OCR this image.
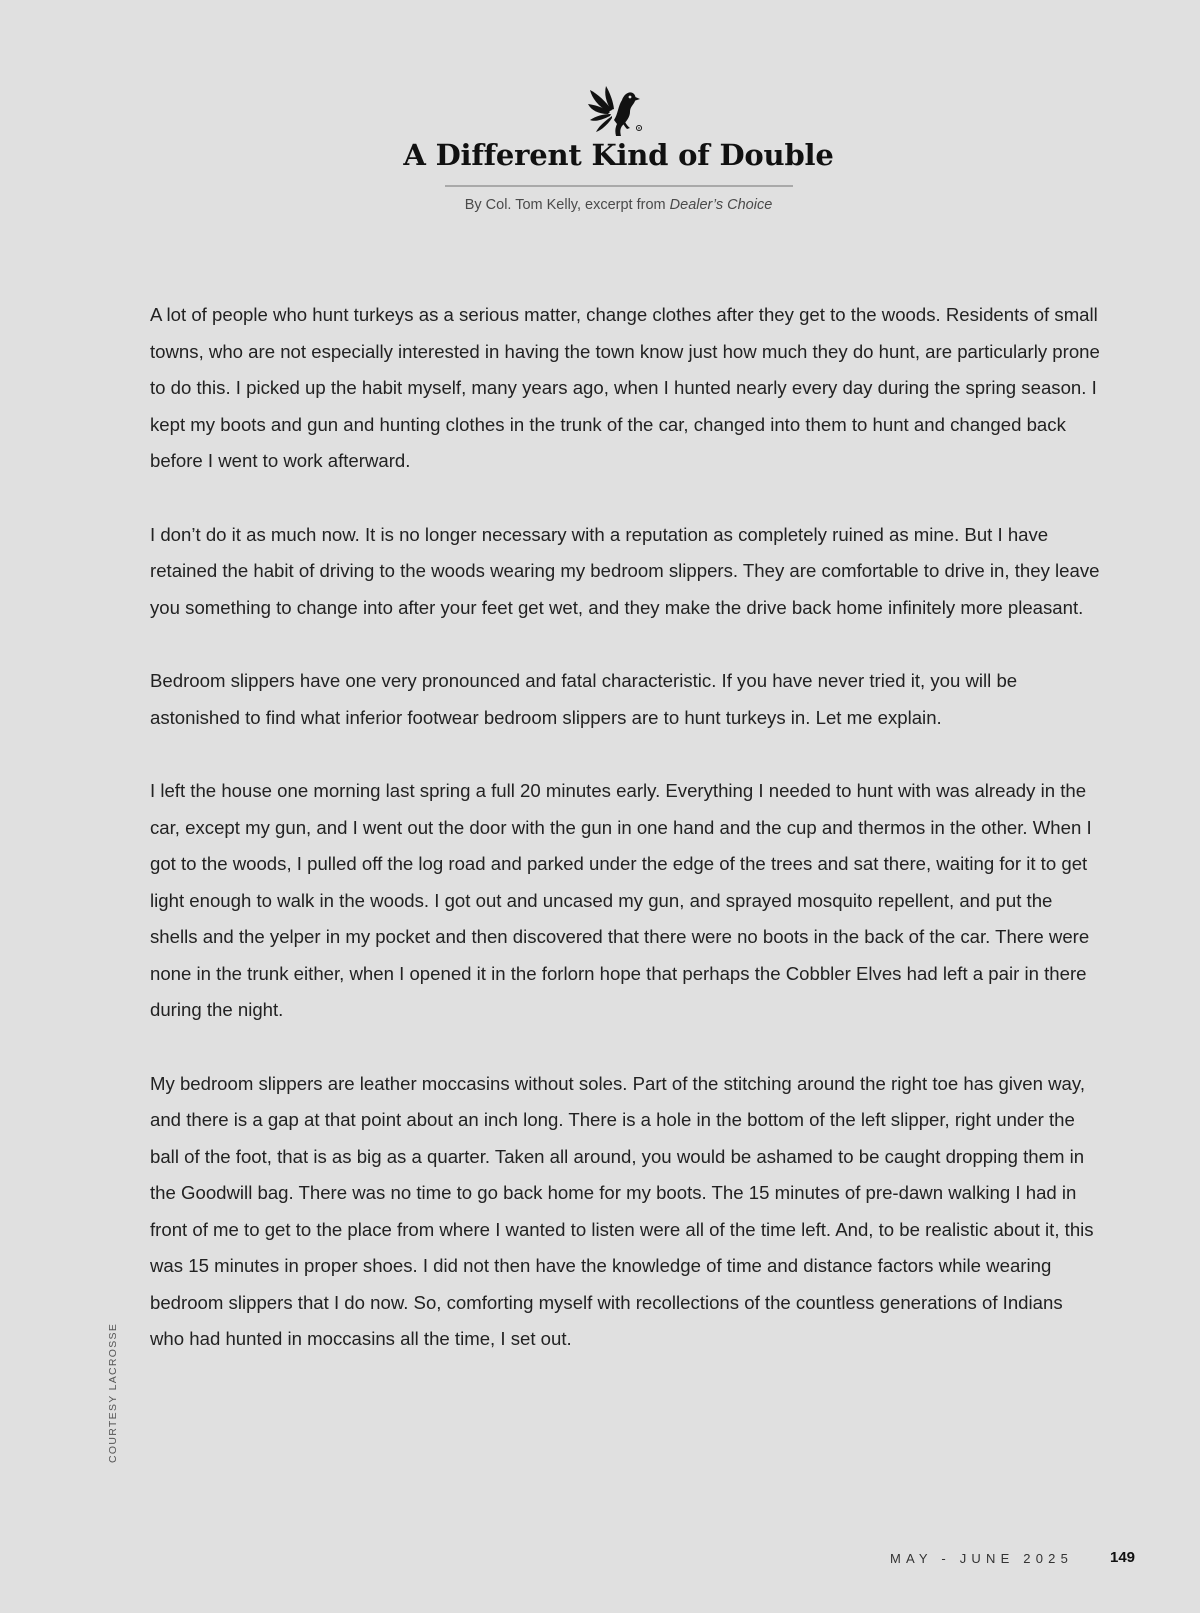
R
A Different Kind of Double
By Col. Tom Kelly, excerpt from Dealer’s Choice

A lot of people who hunt turkeys as a serious matter, change clothes after they get to the woods. Residents of small towns, who are not especially interested in having the town know just how much they do hunt, are particularly prone to do this. I picked up the habit myself, many years ago, when I hunted nearly every day during the spring season. I kept my boots and gun and hunting clothes in the trunk of the car, changed into them to hunt and changed back before I went to work afterward.

I don’t do it as much now. It is no longer necessary with a reputation as completely ruined as mine. But I have retained the habit of driving to the woods wearing my bedroom slippers. They are comfortable to drive in, they leave you something to change into after your feet get wet, and they make the drive back home infinitely more pleasant.

Bedroom slippers have one very pronounced and fatal characteristic. If you have never tried it, you will be astonished to find what inferior footwear bedroom slippers are to hunt turkeys in. Let me explain.

I left the house one morning last spring a full 20 minutes early. Everything I needed to hunt with was already in the car, except my gun, and I went out the door with the gun in one hand and the cup and thermos in the other. When I got to the woods, I pulled off the log road and parked under the edge of the trees and sat there, waiting for it to get light enough to walk in the woods. I got out and uncased my gun, and sprayed mosquito repellent, and put the shells and the yelper in my pocket and then discovered that there were no boots in the back of the car. There were none in the trunk either, when I opened it in the forlorn hope that perhaps the Cobbler Elves had left a pair in there during the night.

My bedroom slippers are leather moccasins without soles. Part of the stitching around the right toe has given way, and there is a gap at that point about an inch long. There is a hole in the bottom of the left slipper, right under the ball of the foot, that is as big as a quarter. Taken all around, you would be ashamed to be caught dropping them in the Goodwill bag. There was no time to go back home for my boots. The 15 minutes of pre-dawn walking I had in front of me to get to the place from where I wanted to listen were all of the time left. And, to be realistic about it, this was 15 minutes in proper shoes. I did not then have the knowledge of time and distance factors while wearing bedroom slippers that I do now. So, comforting myself with recollections of the countless generations of Indians who had hunted in moccasins all the time, I set out.

COURTESY LACROSSE
MAY - JUNE 2025 149
